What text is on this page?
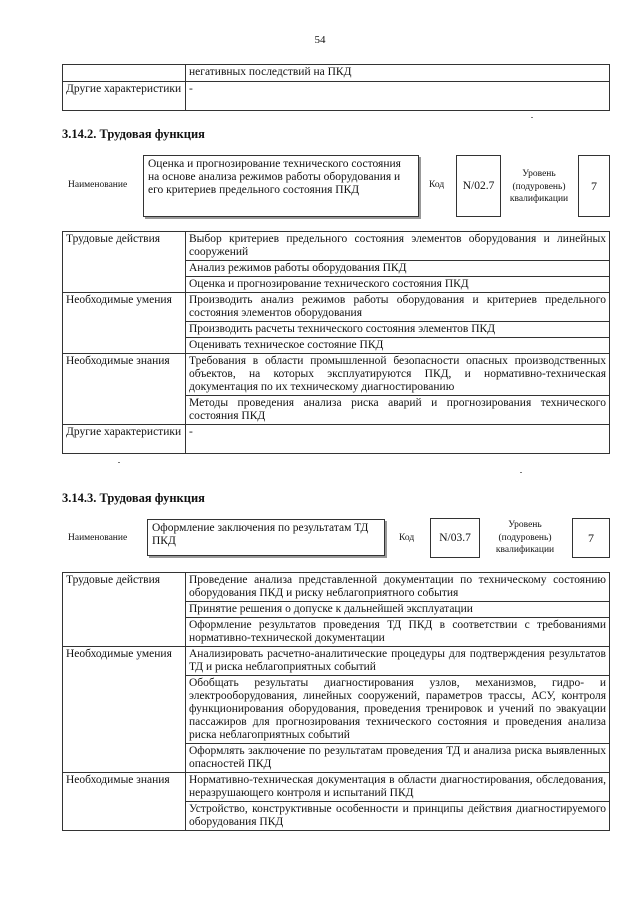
54
	негативных последствий на ПКД
Другие характеристики	-
3.14.2. Трудовая функция
Наименование
Оценка и прогнозирование технического состояния на основе анализа режимов работы оборудования и его критериев предельного состояния ПКД	Код N/02.7
Уровень
(подуровень)
квалификации
7
Трудовые действия	Выбор критериев предельного состояния элементов оборудования и линейных сооружений
	Анализ режимов работы оборудования ПКД
	Оценка и прогнозирование технического состояния ПКД
Необходимые умения	Производить анализ режимов работы оборудования и критериев предельного состояния элементов оборудования
	Производить расчеты технического состояния элементов ПКД
	Оценивать техническое состояние ПКД
Необходимые знания	Требования в области промышленной безопасности опасных производственных объектов, на которых эксплуатируются ПКД, и нормативно-техническая документация по их техническому диагностированию
	Методы проведения анализа риска аварий и прогнозирования технического состояния ПКД
Другие характеристики	-
3.14.3. Трудовая функция
Наименование
Оформление заключения по результатам ТД ПКД	Код N/03.7
Уровень
(подуровень)
квалификации
7
Трудовые действия	Проведение анализа представленной документации по техническому состоянию оборудования ПКД и риску неблагоприятного события
	Принятие решения о допуске к дальнейшей эксплуатации
	Оформление результатов проведения ТД ПКД в соответствии с требованиями нормативно-технической документации
Необходимые умения	Анализировать расчетно-аналитические процедуры для подтверждения результатов ТД и риска неблагоприятных событий
	Обобщать результаты диагностирования узлов, механизмов, гидро- и электрооборудования, линейных сооружений, параметров трассы, АСУ, контроля функционирования оборудования, проведения тренировок и учений по эвакуации пассажиров для прогнозирования технического состояния и проведения анализа риска неблагоприятных событий
	Оформлять заключение по результатам проведения ТД и анализа риска выявленных опасностей ПКД
Необходимые знания	Нормативно-техническая документация в области диагностирования, обследования, неразрушающего контроля и испытаний ПКД
	Устройство, конструктивные особенности и принципы действия диагностируемого оборудования ПКД
